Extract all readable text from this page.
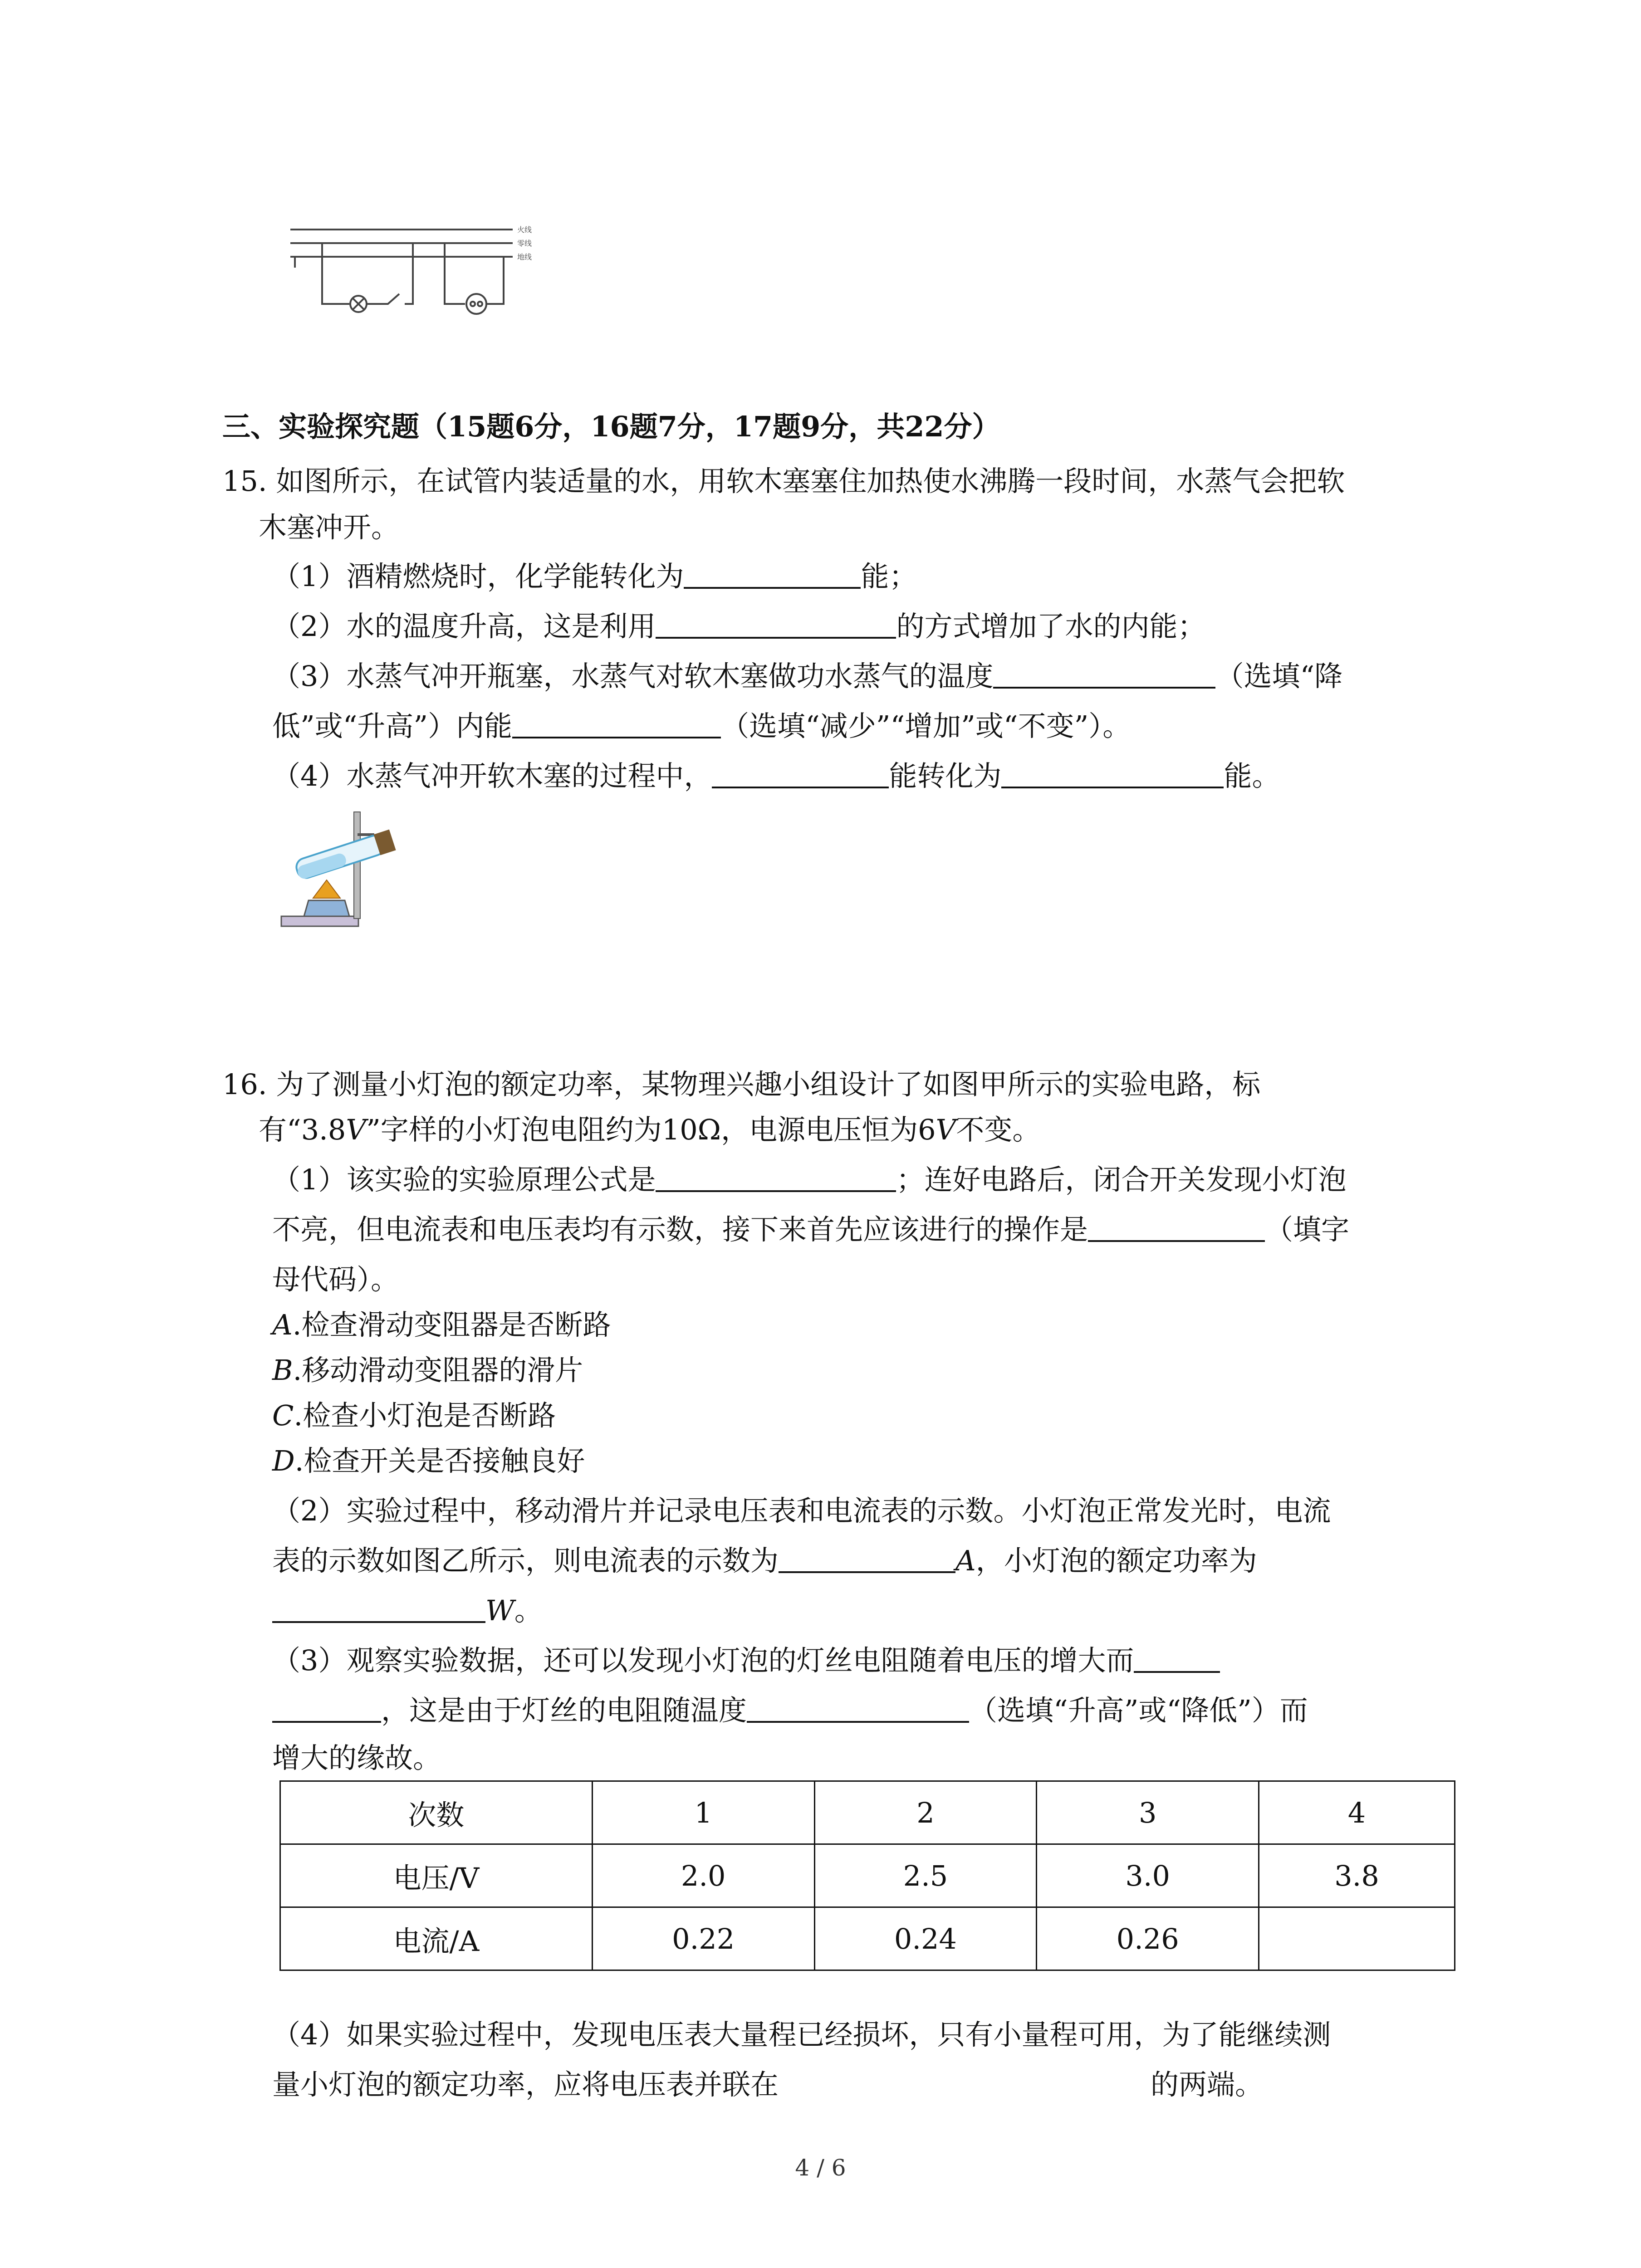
火线
零线
地线
三、实验探究题（15题6分，16题7分，17题9分，共22分）
15. 如图所示，在试管内装适量的水，用软木塞塞住加热使水沸腾一段时间，水蒸气会把软
木塞冲开。
（1）酒精燃烧时，化学能转化为	能；
（2）水的温度升高，这是利用	的方式增加了水的内能；
（3）水蒸气冲开瓶塞，水蒸气对软木塞做功水蒸气的温度	（选填“降
低”或“升高”）内能	（选填“减少”“增加”或“不变”）。
（4）水蒸气冲开软木塞的过程中，	能转化为	能。
16. 为了测量小灯泡的额定功率，某物理兴趣小组设计了如图甲所示的实验电路，标
有“3.8V”字样的小灯泡电阻约为10Ω，电源电压恒为6V不变。
（1）该实验的实验原理公式是	；连好电路后，闭合开关发现小灯泡
不亮，但电流表和电压表均有示数，接下来首先应该进行的操作是	（填字
母代码）。
A.检查滑动变阻器是否断路
B.移动滑动变阻器的滑片
C.检查小灯泡是否断路
D.检查开关是否接触良好
（2）实验过程中，移动滑片并记录电压表和电流表的示数。小灯泡正常发光时，电流
表的示数如图乙所示，则电流表的示数为	A，小灯泡的额定功率为
W。
（3）观察实验数据，还可以发现小灯泡的灯丝电阻随着电压的增大而
，这是由于灯丝的电阻随温度	（选填“升高”或“降低”）而
增大的缘故。
次数	1	2	3	4
电压/V	2.0	2.5	3.0	3.8
电流/A	0.22	0.24	0.26	
（4）如果实验过程中，发现电压表大量程已经损坏，只有小量程可用，为了能继续测
量小灯泡的额定功率，应将电压表并联在	的两端。
4 / 6
